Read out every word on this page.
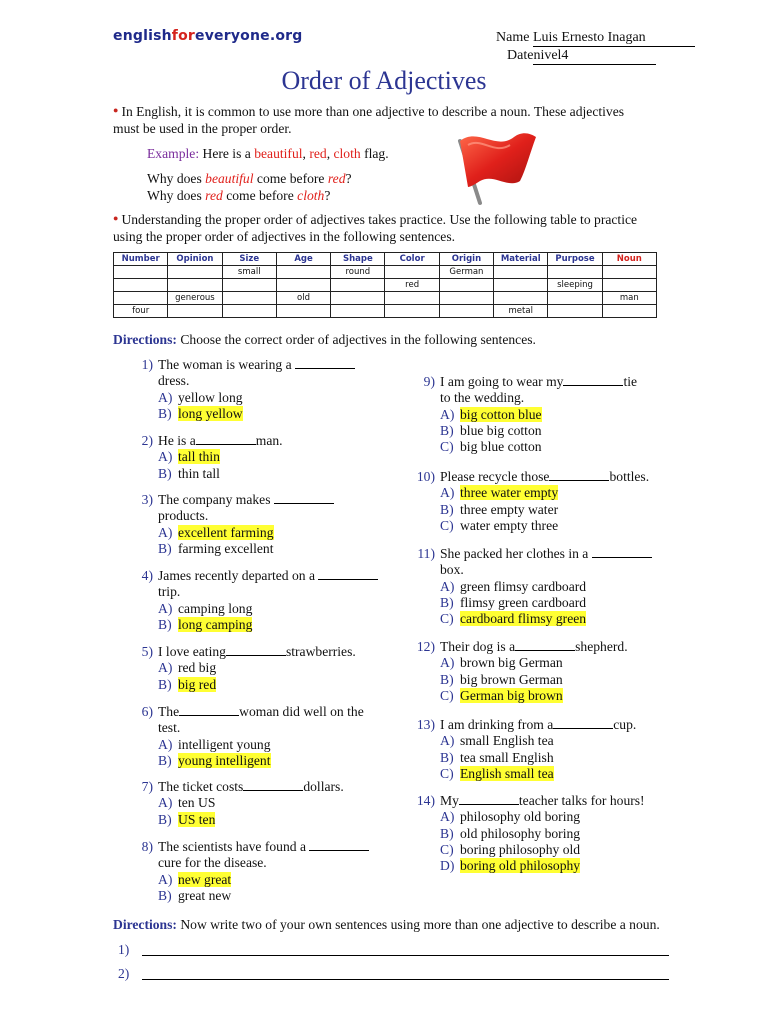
englishforeveryone.org	Name Luis Ernesto Inagan
Datenivel4
Order of Adjectives
● In English, it is common to use more than one adjective to describe a noun. These adjectives must be used in the proper order.
Example: Here is a beautiful, red, cloth flag.
Why does beautiful come before red?
Why does red come before cloth?
● Understanding the proper order of adjectives takes practice. Use the following table to practice using the proper order of adjectives in the following sentences.
Number	Opinion	Size	Age	Shape	Color	Origin	Material	Purpose	Noun
		small		round		German			
					red			sleeping	
	generous		old						man
four							metal		
Directions: Choose the correct order of adjectives in the following sentences.
1) The woman is wearing a
dress.
A) yellow long
B) long yellow
2) He is a	man.
A) tall thin
B) thin tall
3) The company makes
products.
A) excellent farming
B) farming excellent
4) James recently departed on a
trip.
A) camping long
B) long camping
5) I love eating	strawberries.
A) red big
B) big red
6) The	woman did well on the
test.
A) intelligent young
B) young intelligent
7) The ticket costs	dollars.
A) ten US
B) US ten
8) The scientists have found a
cure for the disease.
A) new great
B) great new
9) I am going to wear my	tie
to the wedding.
A) big cotton blue
B) blue big cotton
C) big blue cotton
10) Please recycle those	bottles.
A) three water empty
B) three empty water
C) water empty three
11) She packed her clothes in a
box.
A) green flimsy cardboard
B) flimsy green cardboard
C) cardboard flimsy green
12) Their dog is a	shepherd.
A) brown big German
B) big brown German
C) German big brown
13) I am drinking from a	cup.
A) small English tea
B) tea small English
C) English small tea
14) My	teacher talks for hours!
A) philosophy old boring
B) old philosophy boring
C) boring philosophy old
D) boring old philosophy
Directions: Now write two of your own sentences using more than one adjective to describe a noun.
1)
2)
